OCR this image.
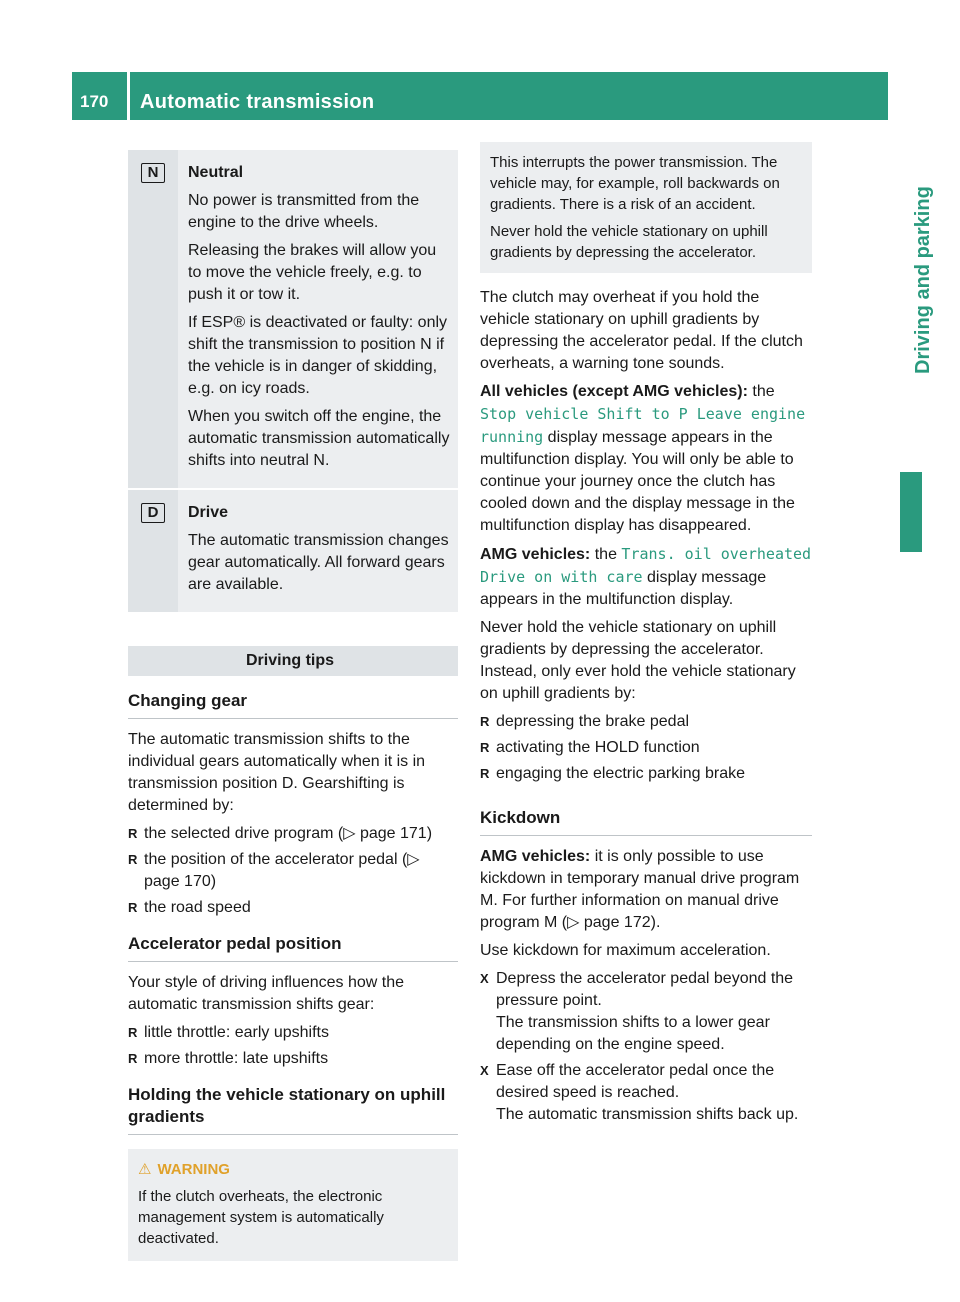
170	Automatic transmission
Driving and parking
N	Neutral

No power is transmitted from the engine to the drive wheels.

Releasing the brakes will allow you to move the vehicle freely, e.g. to push it or tow it.

If ESP® is deactivated or faulty: only shift the transmission to position N if the vehicle is in danger of skidding, e.g. on icy roads.

When you switch off the engine, the automatic transmission automatically shifts into neutral N.

D	Drive

The automatic transmission changes gear automatically. All forward gears are available.

Driving tips
Changing gear

The automatic transmission shifts to the individual gears automatically when it is in transmission position D. Gearshifting is determined by:

R the selected drive program (▷ page 171)
R the position of the accelerator pedal (▷ page 170)
R the road speed
Accelerator pedal position

Your style of driving influences how the automatic transmission shifts gear:

R little throttle: early upshifts
R more throttle: late upshifts
Holding the vehicle stationary on uphill gradients
⚠ WARNING
If the clutch overheats, the electronic management system is automatically deactivated.

This interrupts the power transmission. The vehicle may, for example, roll backwards on gradients. There is a risk of an accident.

Never hold the vehicle stationary on uphill gradients by depressing the accelerator.

The clutch may overheat if you hold the vehicle stationary on uphill gradients by depressing the accelerator pedal. If the clutch overheats, a warning tone sounds.

All vehicles (except AMG vehicles): the Stop vehicle Shift to P Leave engine running display message appears in the multifunction display. You will only be able to continue your journey once the clutch has cooled down and the display message in the multifunction display has disappeared.

AMG vehicles: the Trans. oil overheated Drive on with care display message appears in the multifunction display.

Never hold the vehicle stationary on uphill gradients by depressing the accelerator. Instead, only ever hold the vehicle stationary on uphill gradients by:

R depressing the brake pedal
R activating the HOLD function
R engaging the electric parking brake
Kickdown

AMG vehicles: it is only possible to use kickdown in temporary manual drive program M. For further information on manual drive program M (▷ page 172).

Use kickdown for maximum acceleration.

X Depress the accelerator pedal beyond the pressure point.
The transmission shifts to a lower gear depending on the engine speed.
X Ease off the accelerator pedal once the desired speed is reached.
The automatic transmission shifts back up.
